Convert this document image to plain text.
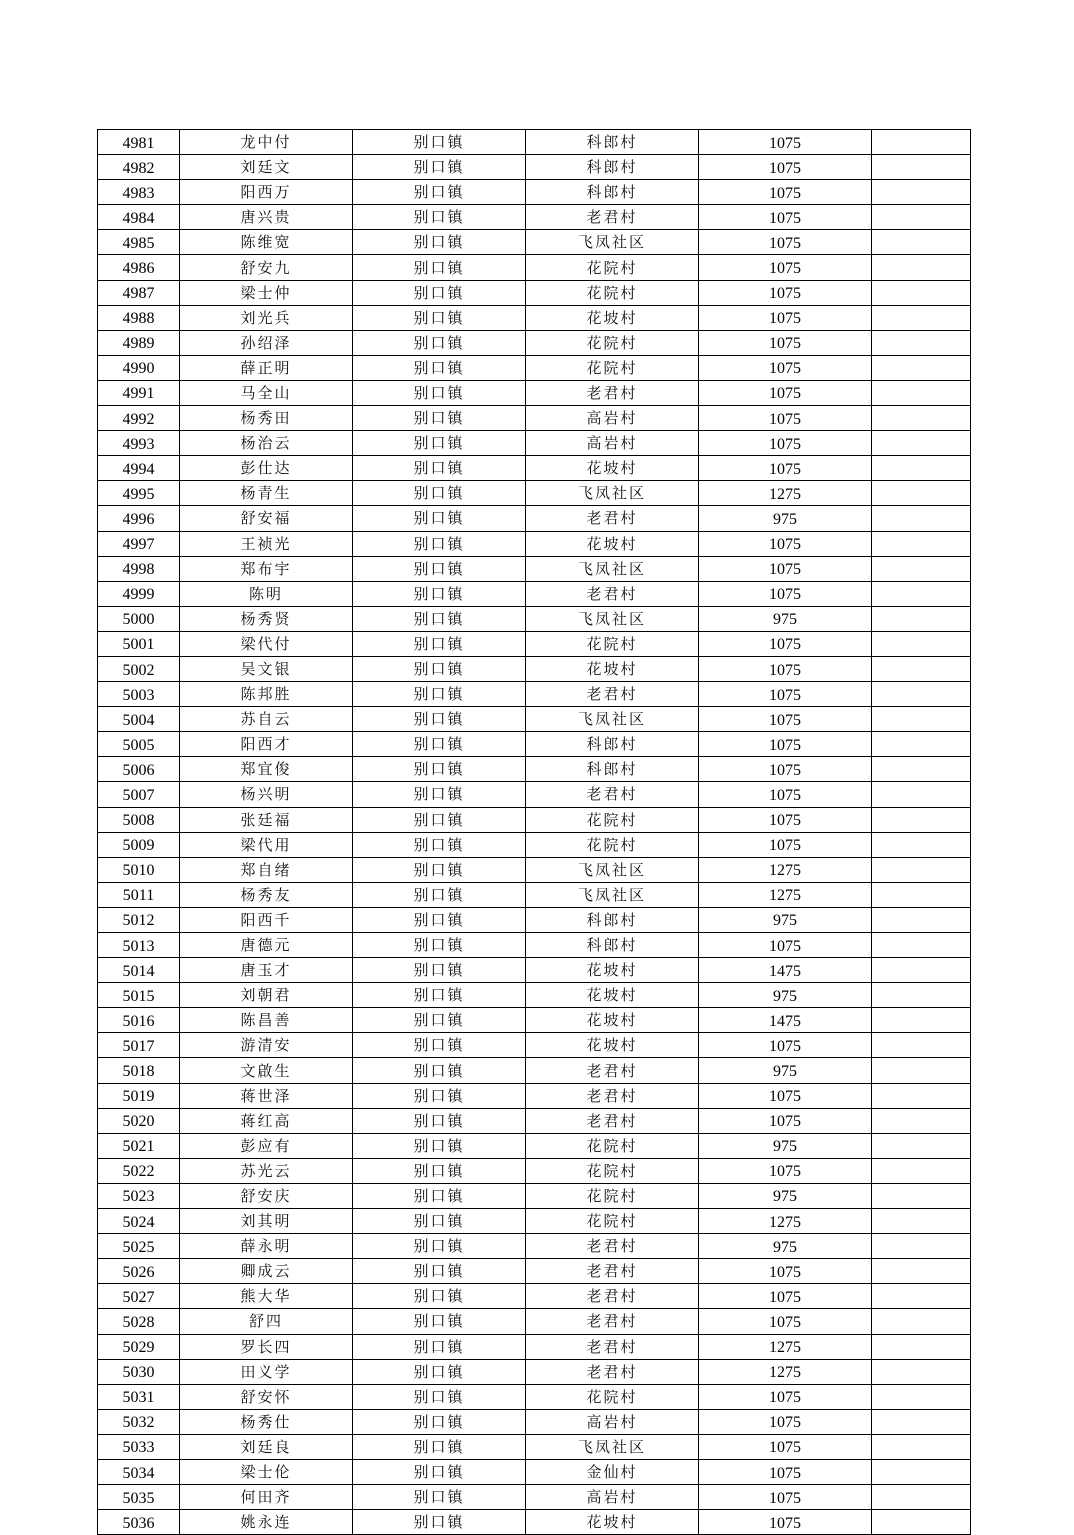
4981	龙中付	别口镇	科郎村	1075	
4982	刘廷文	别口镇	科郎村	1075	
4983	阳西万	别口镇	科郎村	1075	
4984	唐兴贵	别口镇	老君村	1075	
4985	陈维宽	别口镇	飞凤社区	1075	
4986	舒安九	别口镇	花院村	1075	
4987	梁士仲	别口镇	花院村	1075	
4988	刘光兵	别口镇	花坡村	1075	
4989	孙绍泽	别口镇	花院村	1075	
4990	薛正明	别口镇	花院村	1075	
4991	马全山	别口镇	老君村	1075	
4992	杨秀田	别口镇	高岩村	1075	
4993	杨治云	别口镇	高岩村	1075	
4994	彭仕达	别口镇	花坡村	1075	
4995	杨青生	别口镇	飞凤社区	1275	
4996	舒安福	别口镇	老君村	975	
4997	王祯光	别口镇	花坡村	1075	
4998	郑布宇	别口镇	飞凤社区	1075	
4999	陈明	别口镇	老君村	1075	
5000	杨秀贤	别口镇	飞凤社区	975	
5001	梁代付	别口镇	花院村	1075	
5002	吴文银	别口镇	花坡村	1075	
5003	陈邦胜	别口镇	老君村	1075	
5004	苏自云	别口镇	飞凤社区	1075	
5005	阳西才	别口镇	科郎村	1075	
5006	郑宜俊	别口镇	科郎村	1075	
5007	杨兴明	别口镇	老君村	1075	
5008	张廷福	别口镇	花院村	1075	
5009	梁代用	别口镇	花院村	1075	
5010	郑自绪	别口镇	飞凤社区	1275	
5011	杨秀友	别口镇	飞凤社区	1275	
5012	阳西千	别口镇	科郎村	975	
5013	唐德元	别口镇	科郎村	1075	
5014	唐玉才	别口镇	花坡村	1475	
5015	刘朝君	别口镇	花坡村	975	
5016	陈昌善	别口镇	花坡村	1475	
5017	游清安	别口镇	花坡村	1075	
5018	文啟生	别口镇	老君村	975	
5019	蒋世泽	别口镇	老君村	1075	
5020	蒋红高	别口镇	老君村	1075	
5021	彭应有	别口镇	花院村	975	
5022	苏光云	别口镇	花院村	1075	
5023	舒安庆	别口镇	花院村	975	
5024	刘其明	别口镇	花院村	1275	
5025	薛永明	别口镇	老君村	975	
5026	卿成云	别口镇	老君村	1075	
5027	熊大华	别口镇	老君村	1075	
5028	舒四	别口镇	老君村	1075	
5029	罗长四	别口镇	老君村	1275	
5030	田义学	别口镇	老君村	1275	
5031	舒安怀	别口镇	花院村	1075	
5032	杨秀仕	别口镇	高岩村	1075	
5033	刘廷良	别口镇	飞凤社区	1075	
5034	梁士伦	别口镇	金仙村	1075	
5035	何田齐	别口镇	高岩村	1075	
5036	姚永连	别口镇	花坡村	1075	
